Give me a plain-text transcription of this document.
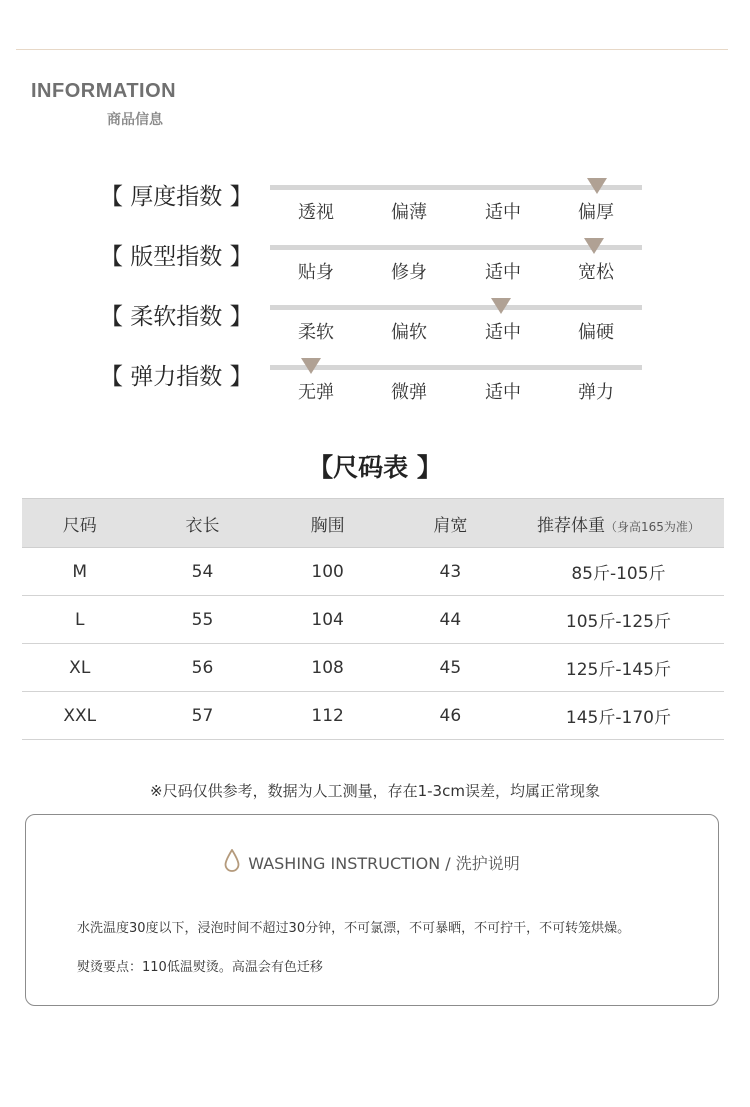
INFORMATION
商品信息
【 厚度指数 】
透视	偏薄	适中	偏厚
【 版型指数 】
贴身	修身	适中	宽松
【 柔软指数 】
柔软	偏软	适中	偏硬
【 弹力指数 】
无弹	微弹	适中	弹力
【尺码表 】
尺码	衣长	胸围	肩宽	推荐体重（身高165为准）
M	54	100	43	85斤-105斤
L	55	104	44	105斤-125斤
XL	56	108	45	125斤-145斤
XXL	57	112	46	145斤-170斤
※尺码仅供参考，数据为人工测量，存在1-3cm误差，均属正常现象
WASHING INSTRUCTION / 洗护说明
水洗温度30度以下，浸泡时间不超过30分钟，不可氯漂，不可暴晒，不可拧干，不可转笼烘燥。
熨烫要点：110低温熨烫。高温会有色迁移
